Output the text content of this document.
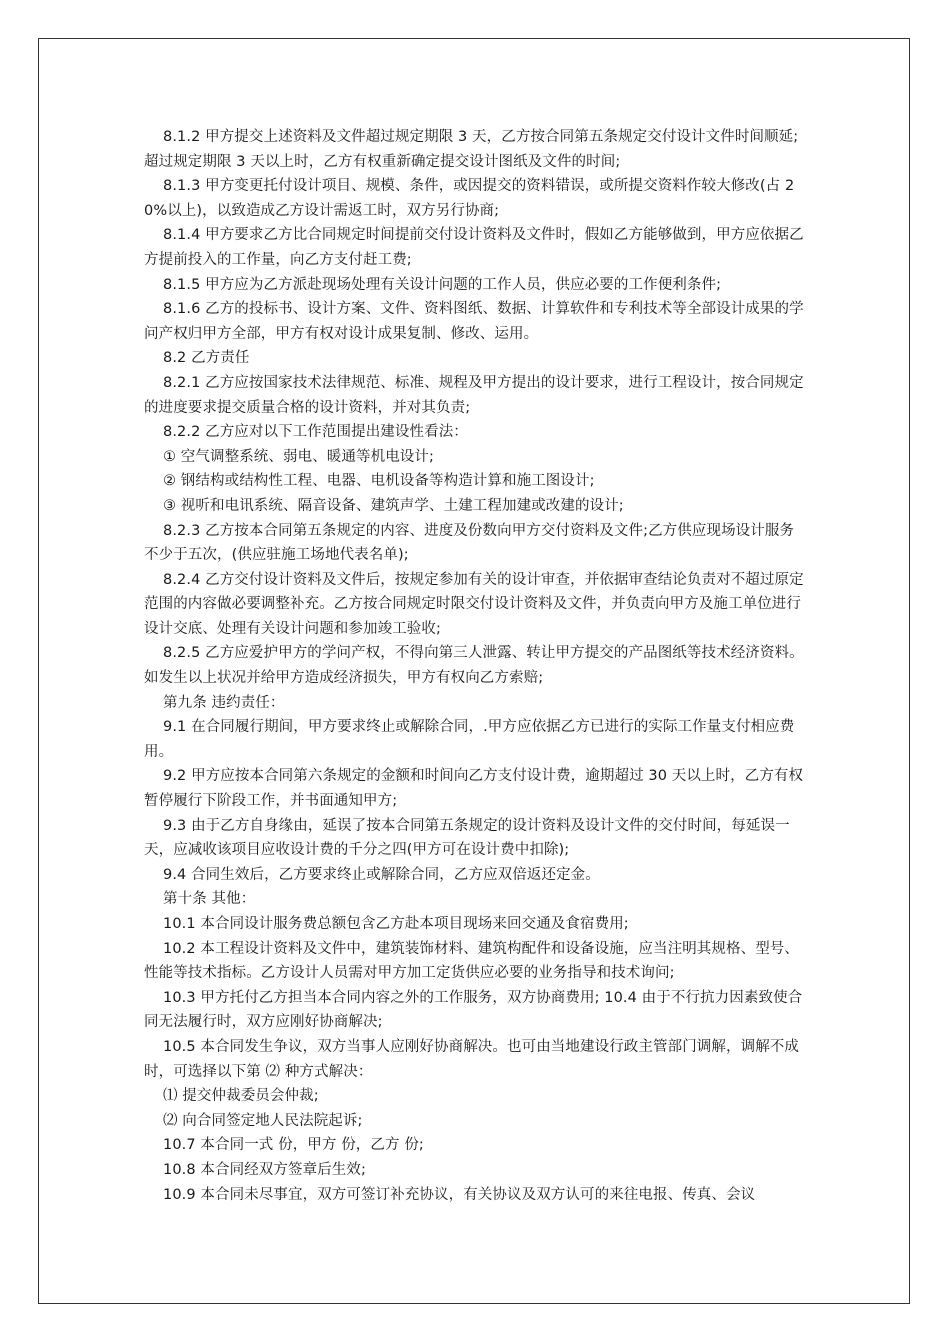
8.1.2 甲方提交上述资料及文件超过规定期限 3 天，乙方按合同第五条规定交付设计文件时间顺延;超过规定期限 3 天以上时，乙方有权重新确定提交设计图纸及文件的时间;

8.1.3 甲方变更托付设计项目、规模、条件，或因提交的资料错误，或所提交资料作较大修改(占 20%以上)，以致造成乙方设计需返工时，双方另行协商;

8.1.4 甲方要求乙方比合同规定时间提前交付设计资料及文件时，假如乙方能够做到，甲方应依据乙方提前投入的工作量，向乙方支付赶工费;

8.1.5 甲方应为乙方派赴现场处理有关设计问题的工作人员，供应必要的工作便利条件;

8.1.6 乙方的投标书、设计方案、文件、资料图纸、数据、计算软件和专利技术等全部设计成果的学问产权归甲方全部，甲方有权对设计成果复制、修改、运用。

8.2 乙方责任

8.2.1 乙方应按国家技术法律规范、标准、规程及甲方提出的设计要求，进行工程设计，按合同规定的进度要求提交质量合格的设计资料，并对其负责;

8.2.2 乙方应对以下工作范围提出建设性看法：

① 空气调整系统、弱电、暖通等机电设计;

② 钢结构或结构性工程、电器、电机设备等构造计算和施工图设计;

③ 视听和电讯系统、隔音设备、建筑声学、土建工程加建或改建的设计;

8.2.3 乙方按本合同第五条规定的内容、进度及份数向甲方交付资料及文件;乙方供应现场设计服务不少于五次，(供应驻施工场地代表名单);

8.2.4 乙方交付设计资料及文件后，按规定参加有关的设计审查，并依据审查结论负责对不超过原定范围的内容做必要调整补充。乙方按合同规定时限交付设计资料及文件，并负责向甲方及施工单位进行设计交底、处理有关设计问题和参加竣工验收;

8.2.5 乙方应爱护甲方的学问产权，不得向第三人泄露、转让甲方提交的产品图纸等技术经济资料。如发生以上状况并给甲方造成经济损失，甲方有权向乙方索赔;

第九条 违约责任：

9.1 在合同履行期间，甲方要求终止或解除合同，.甲方应依据乙方已进行的实际工作量支付相应费用。

9.2 甲方应按本合同第六条规定的金额和时间向乙方支付设计费，逾期超过 30 天以上时，乙方有权暂停履行下阶段工作，并书面通知甲方;

9.3 由于乙方自身缘由，延误了按本合同第五条规定的设计资料及设计文件的交付时间，每延误一天，应减收该项目应收设计费的千分之四(甲方可在设计费中扣除);

9.4 合同生效后，乙方要求终止或解除合同，乙方应双倍返还定金。

第十条 其他：

10.1 本合同设计服务费总额包含乙方赴本项目现场来回交通及食宿费用;

10.2 本工程设计资料及文件中，建筑装饰材料、建筑构配件和设备设施，应当注明其规格、型号、性能等技术指标。乙方设计人员需对甲方加工定货供应必要的业务指导和技术询问;

10.3 甲方托付乙方担当本合同内容之外的工作服务，双方协商费用; 10.4 由于不行抗力因素致使合同无法履行时，双方应刚好协商解决;

10.5 本合同发生争议，双方当事人应刚好协商解决。也可由当地建设行政主管部门调解，调解不成时，可选择以下第 ⑵ 种方式解决：

⑴ 提交仲裁委员会仲裁;

⑵ 向合同签定地人民法院起诉;

10.7 本合同一式 份，甲方 份，乙方 份;

10.8 本合同经双方签章后生效;

10.9 本合同未尽事宜，双方可签订补充协议，有关协议及双方认可的来往电报、传真、会议
